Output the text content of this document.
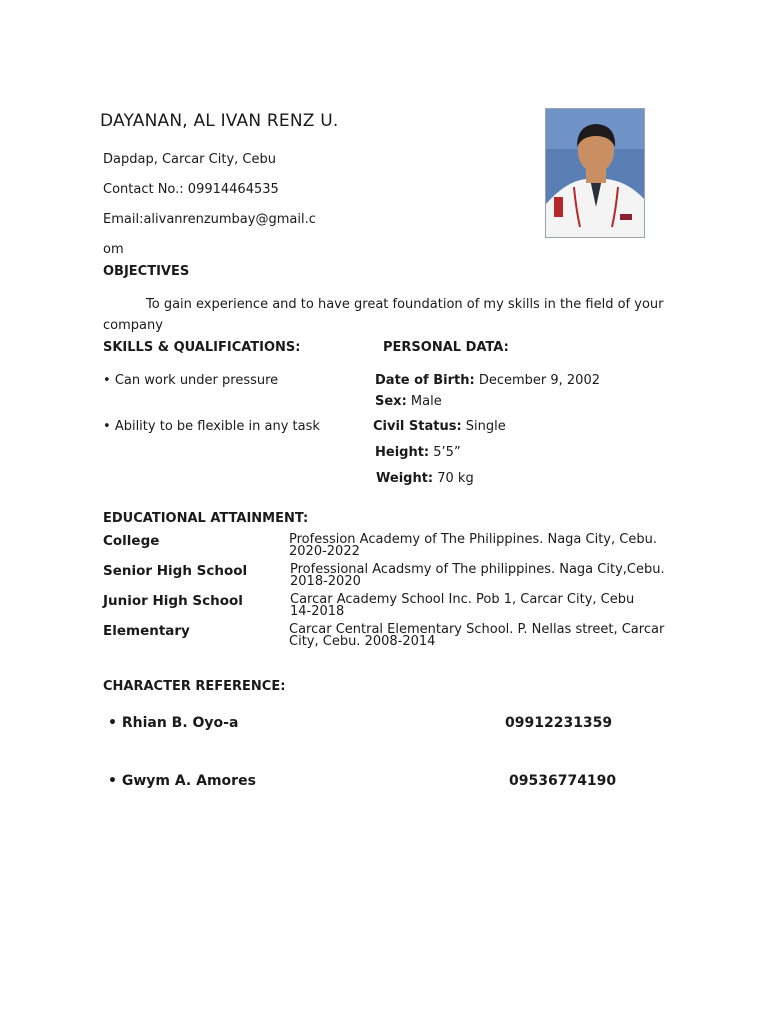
DAYANAN, AL IVAN RENZ U.
Dapdap, Carcar City, Cebu
Contact No.: 09914464535
Email:alivanrenzumbay@gmail.c
om
OBJECTIVES
To gain experience and to have great foundation of my skills in the field of your
company
SKILLS & QUALIFICATIONS:
• Can work under pressure
• Ability to be flexible in any task
PERSONAL DATA:
Date of Birth: December 9, 2002
Sex: Male
Civil Status: Single
Height: 5’5”
Weight: 70 kg
EDUCATIONAL ATTAINMENT:
College	Profession Academy of The Philippines. Naga City, Cebu.
2020-2022
Senior High School	Professional Acadsmy of The philippines. Naga City,Cebu.
2018-2020
Junior High School	Carcar Academy School Inc. Pob 1, Carcar City, Cebu
14-2018
Elementary	Carcar Central Elementary School. P. Nellas street, Carcar
City, Cebu. 2008-2014
CHARACTER REFERENCE:
• Rhian B. Oyo-a	09912231359
• Gwym A. Amores	09536774190
